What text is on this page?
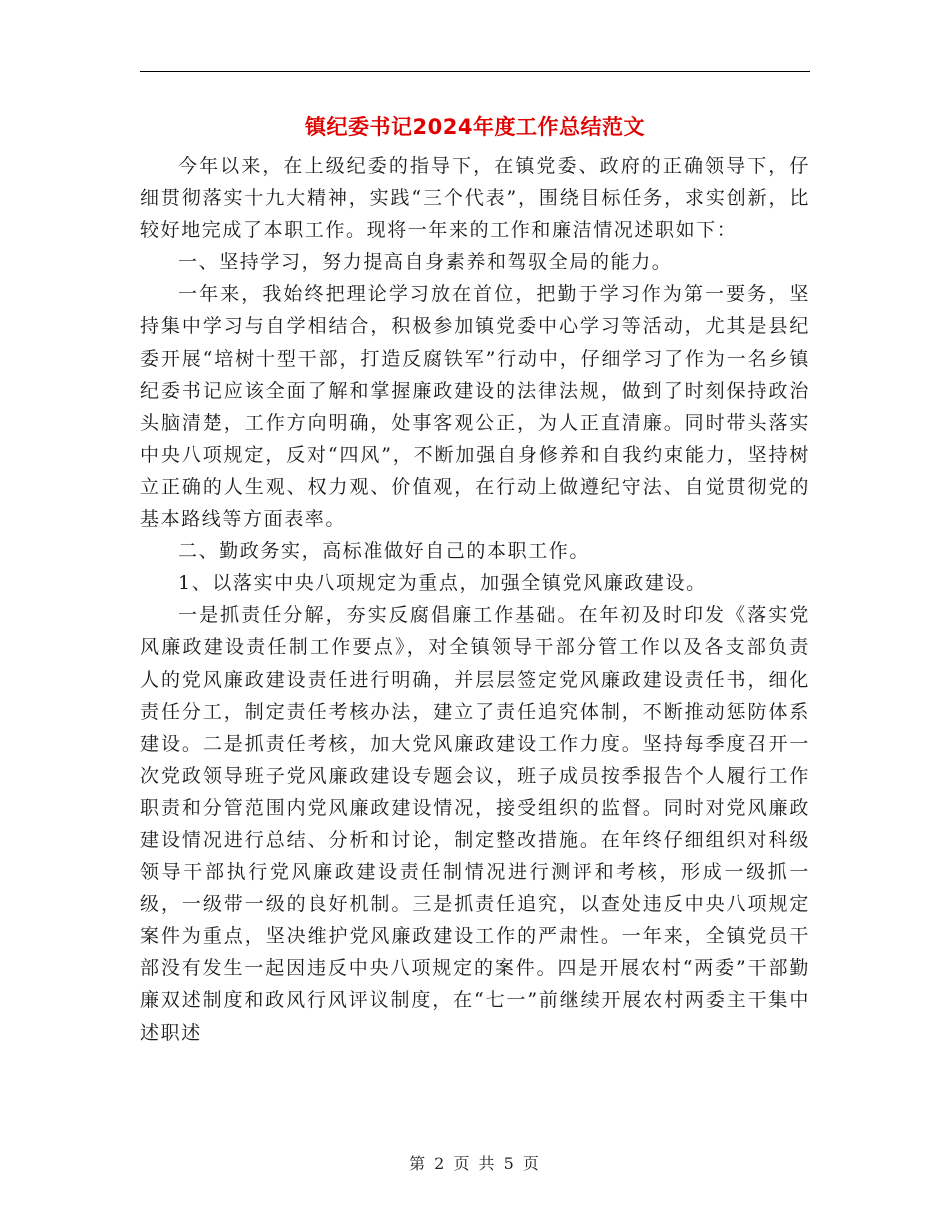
镇纪委书记2024年度工作总结范文

今年以来，在上级纪委的指导下，在镇党委、政府的正确领导下，仔细贯彻落实十九大精神，实践“三个代表”，围绕目标任务，求实创新，比较好地完成了本职工作。现将一年来的工作和廉洁情况述职如下：

一、坚持学习，努力提高自身素养和驾驭全局的能力。

一年来，我始终把理论学习放在首位，把勤于学习作为第一要务，坚持集中学习与自学相结合，积极参加镇党委中心学习等活动，尤其是县纪委开展“培树十型干部，打造反腐铁军”行动中，仔细学习了作为一名乡镇纪委书记应该全面了解和掌握廉政建设的法律法规，做到了时刻保持政治头脑清楚，工作方向明确，处事客观公正，为人正直清廉。同时带头落实中央八项规定，反对“四风”，不断加强自身修养和自我约束能力，坚持树立正确的人生观、权力观、价值观，在行动上做遵纪守法、自觉贯彻党的基本路线等方面表率。

二、勤政务实，高标准做好自己的本职工作。

1、以落实中央八项规定为重点，加强全镇党风廉政建设。

一是抓责任分解，夯实反腐倡廉工作基础。在年初及时印发《落实党风廉政建设责任制工作要点》，对全镇领导干部分管工作以及各支部负责人的党风廉政建设责任进行明确，并层层签定党风廉政建设责任书，细化责任分工，制定责任考核办法，建立了责任追究体制，不断推动惩防体系建设。二是抓责任考核，加大党风廉政建设工作力度。坚持每季度召开一次党政领导班子党风廉政建设专题会议，班子成员按季报告个人履行工作职责和分管范围内党风廉政建设情况，接受组织的监督。同时对党风廉政建设情况进行总结、分析和讨论，制定整改措施。在年终仔细组织对科级领导干部执行党风廉政建设责任制情况进行测评和考核，形成一级抓一级，一级带一级的良好机制。三是抓责任追究，以查处违反中央八项规定案件为重点，坚决维护党风廉政建设工作的严肃性。一年来，全镇党员干部没有发生一起因违反中央八项规定的案件。四是开展农村“两委”干部勤廉双述制度和政风行风评议制度，在“七一”前继续开展农村两委主干集中述职述

第 2 页 共 5 页
